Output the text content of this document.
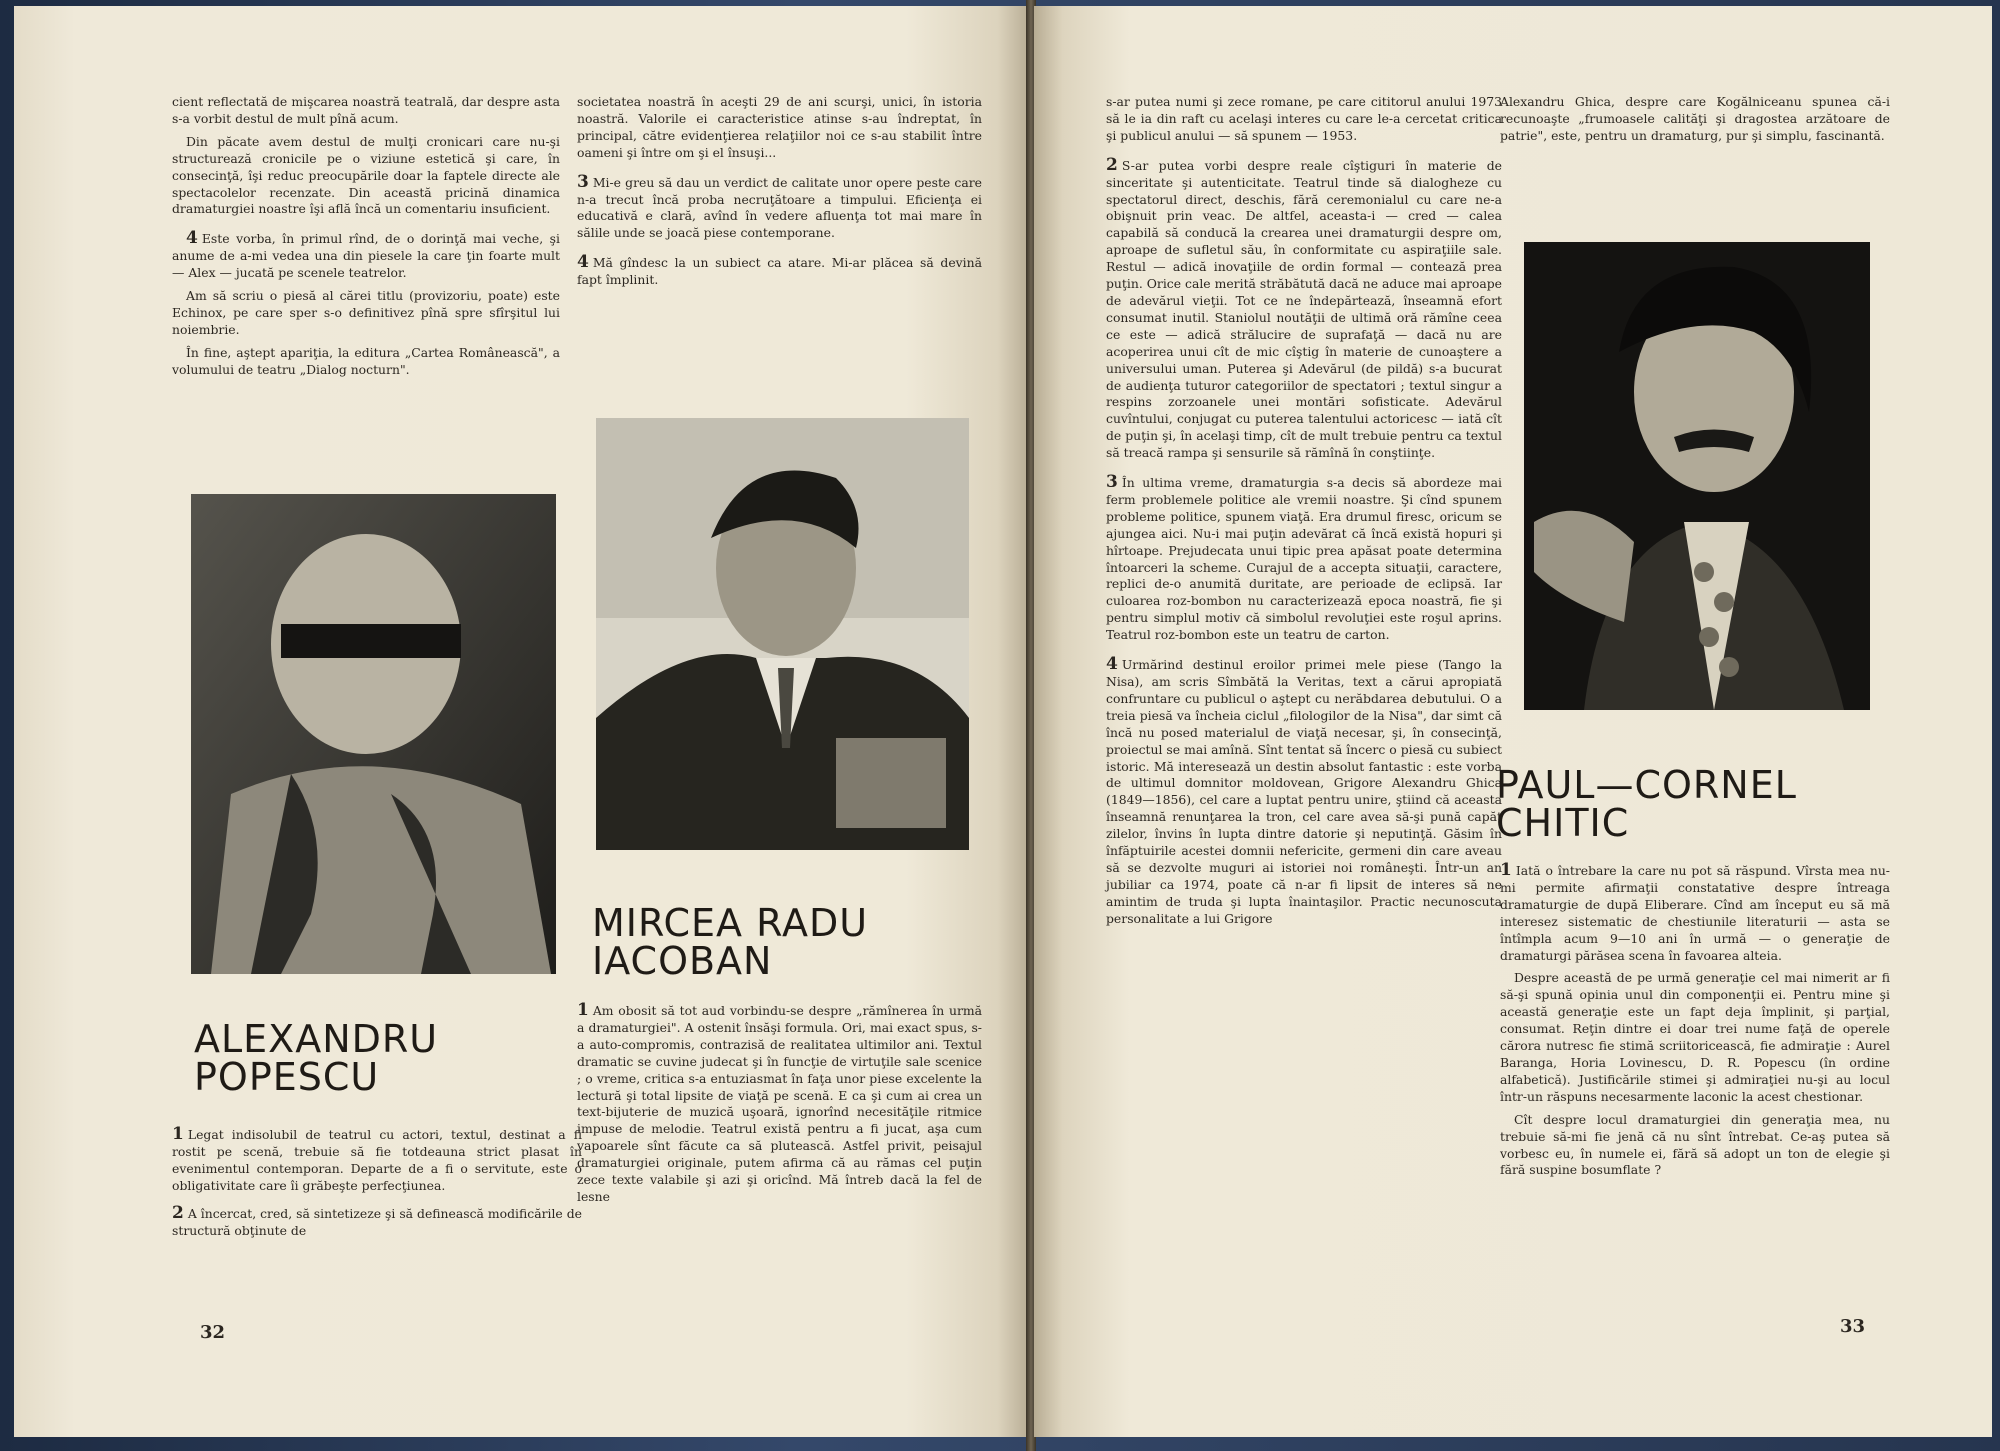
cient reflectată de mişcarea noastră teatrală, dar despre asta s-a vorbit destul de mult pînă acum.

Din păcate avem destul de mulţi cronicari care nu-şi structurează cronicile pe o viziune estetică şi care, în consecinţă, îşi reduc preocupările doar la faptele directe ale spectacolelor recenzate. Din această pricină dinamica dramaturgiei noastre îşi află încă un comentariu insuficient.

4 Este vorba, în primul rînd, de o dorinţă mai veche, şi anume de a-mi vedea una din piesele la care ţin foarte mult — Alex — jucată pe scenele teatrelor.

Am să scriu o piesă al cărei titlu (provizoriu, poate) este Echinox, pe care sper s-o definitivez pînă spre sfîrşitul lui noiembrie.

În fine, aştept apariţia, la editura „Cartea Românească", a volumului de teatru „Dialog nocturn".

ALEXANDRU
POPESCU

1 Legat indisolubil de teatrul cu actori, textul, destinat a fi rostit pe scenă, trebuie să fie totdeauna strict plasat în evenimentul contemporan. Departe de a fi o servitute, este o obligativitate care îi grăbeşte perfecţiunea.

2 A încercat, cred, să sintetizeze şi să definească modificările de structură obţinute de

societatea noastră în aceşti 29 de ani scurşi, unici, în istoria noastră. Valorile ei caracteristice atinse s-au îndreptat, în principal, către evidenţierea relaţiilor noi ce s-au stabilit între oameni şi între om şi el însuşi...

3 Mi-e greu să dau un verdict de calitate unor opere peste care n-a trecut încă proba necruţătoare a timpului. Eficienţa ei educativă e clară, avînd în vedere afluenţa tot mai mare în sălile unde se joacă piese contemporane.

4 Mă gîndesc la un subiect ca atare. Mi-ar plăcea să devină fapt împlinit.

MIRCEA RADU
IACOBAN

1 Am obosit să tot aud vorbindu-se despre „rămînerea în urmă a dramaturgiei". A ostenit însăşi formula. Ori, mai exact spus, s-a auto-compromis, contrazisă de realitatea ultimilor ani. Textul dramatic se cuvine judecat şi în funcţie de virtuţile sale scenice ; o vreme, critica s-a entuziasmat în faţa unor piese excelente la lectură şi total lipsite de viaţă pe scenă. E ca şi cum ai crea un text-bijuterie de muzică uşoară, ignorînd necesităţile ritmice impuse de melodie. Teatrul există pentru a fi jucat, aşa cum vapoarele sînt făcute ca să plutească. Astfel privit, peisajul dramaturgiei originale, putem afirma că au rămas cel puţin zece texte valabile şi azi şi oricînd. Mă întreb dacă la fel de lesne

32

s-ar putea numi şi zece romane, pe care cititorul anului 1973 să le ia din raft cu acelaşi interes cu care le-a cercetat critica şi publicul anului — să spunem — 1953.

2 S-ar putea vorbi despre reale cîştiguri în materie de sinceritate şi autenticitate. Teatrul tinde să dialogheze cu spectatorul direct, deschis, fără ceremonialul cu care ne-a obişnuit prin veac. De altfel, aceasta-i — cred — calea capabilă să conducă la crearea unei dramaturgii despre om, aproape de sufletul său, în conformitate cu aspiraţiile sale. Restul — adică inovaţiile de ordin formal — contează prea puţin. Orice cale merită străbătută dacă ne aduce mai aproape de adevărul vieţii. Tot ce ne îndepărtează, înseamnă efort consumat inutil. Staniolul noutăţii de ultimă oră rămîne ceea ce este — adică strălucire de suprafaţă — dacă nu are acoperirea unui cît de mic cîştig în materie de cunoaştere a universului uman. Puterea şi Adevărul (de pildă) s-a bucurat de audienţa tuturor categoriilor de spectatori ; textul singur a respins zorzoanele unei montări sofisticate. Adevărul cuvîntului, conjugat cu puterea talentului actoricesc — iată cît de puţin şi, în acelaşi timp, cît de mult trebuie pentru ca textul să treacă rampa şi sensurile să rămînă în conştiinţe.

3 În ultima vreme, dramaturgia s-a decis să abordeze mai ferm problemele politice ale vremii noastre. Şi cînd spunem probleme politice, spunem viaţă. Era drumul firesc, oricum se ajungea aici. Nu-i mai puţin adevărat că încă există hopuri şi hîrtoape. Prejudecata unui tipic prea apăsat poate determina întoarceri la scheme. Curajul de a accepta situaţii, caractere, replici de-o anumită duritate, are perioade de eclipsă. Iar culoarea roz-bombon nu caracterizează epoca noastră, fie şi pentru simplul motiv că simbolul revoluţiei este roşul aprins. Teatrul roz-bombon este un teatru de carton.

4 Urmărind destinul eroilor primei mele piese (Tango la Nisa), am scris Sîmbătă la Veritas, text a cărui apropiată confruntare cu publicul o aştept cu nerăbdarea debutului. O a treia piesă va încheia ciclul „filologilor de la Nisa", dar simt că încă nu posed materialul de viaţă necesar, şi, în consecinţă, proiectul se mai amînă. Sînt tentat să încerc o piesă cu subiect istoric. Mă interesează un destin absolut fantastic : este vorba de ultimul domnitor moldovean, Grigore Alexandru Ghica (1849—1856), cel care a luptat pentru unire, ştiind că aceasta înseamnă renunţarea la tron, cel care avea să-şi pună capăt zilelor, învins în lupta dintre datorie şi neputinţă. Găsim în înfăptuirile acestei domnii nefericite, germeni din care aveau să se dezvolte muguri ai istoriei noi româneşti. Într-un an jubiliar ca 1974, poate că n-ar fi lipsit de interes să ne amintim de truda şi lupta înaintaşilor. Practic necunoscuta personalitate a lui Grigore

Alexandru Ghica, despre care Kogălniceanu spunea că-i recunoaşte „frumoasele calităţi şi dragostea arzătoare de patrie", este, pentru un dramaturg, pur şi simplu, fascinantă.

PAUL—CORNEL
CHITIC

1 Iată o întrebare la care nu pot să răspund. Vîrsta mea nu-mi permite afirmaţii constatative despre întreaga dramaturgie de după Eliberare. Cînd am început eu să mă interesez sistematic de chestiunile literaturii — asta se întîmpla acum 9—10 ani în urmă — o generaţie de dramaturgi părăsea scena în favoarea alteia.

Despre această de pe urmă generaţie cel mai nimerit ar fi să-şi spună opinia unul din componenţii ei. Pentru mine şi această generaţie este un fapt deja împlinit, şi parţial, consumat. Reţin dintre ei doar trei nume faţă de operele cărora nutresc fie stimă scriitoricească, fie admiraţie : Aurel Baranga, Horia Lovinescu, D. R. Popescu (în ordine alfabetică). Justificările stimei şi admiraţiei nu-şi au locul într-un răspuns necesarmente laconic la acest chestionar.

Cît despre locul dramaturgiei din generaţia mea, nu trebuie să-mi fie jenă că nu sînt întrebat. Ce-aş putea să vorbesc eu, în numele ei, fără să adopt un ton de elegie şi fără suspine bosumflate ?

33
